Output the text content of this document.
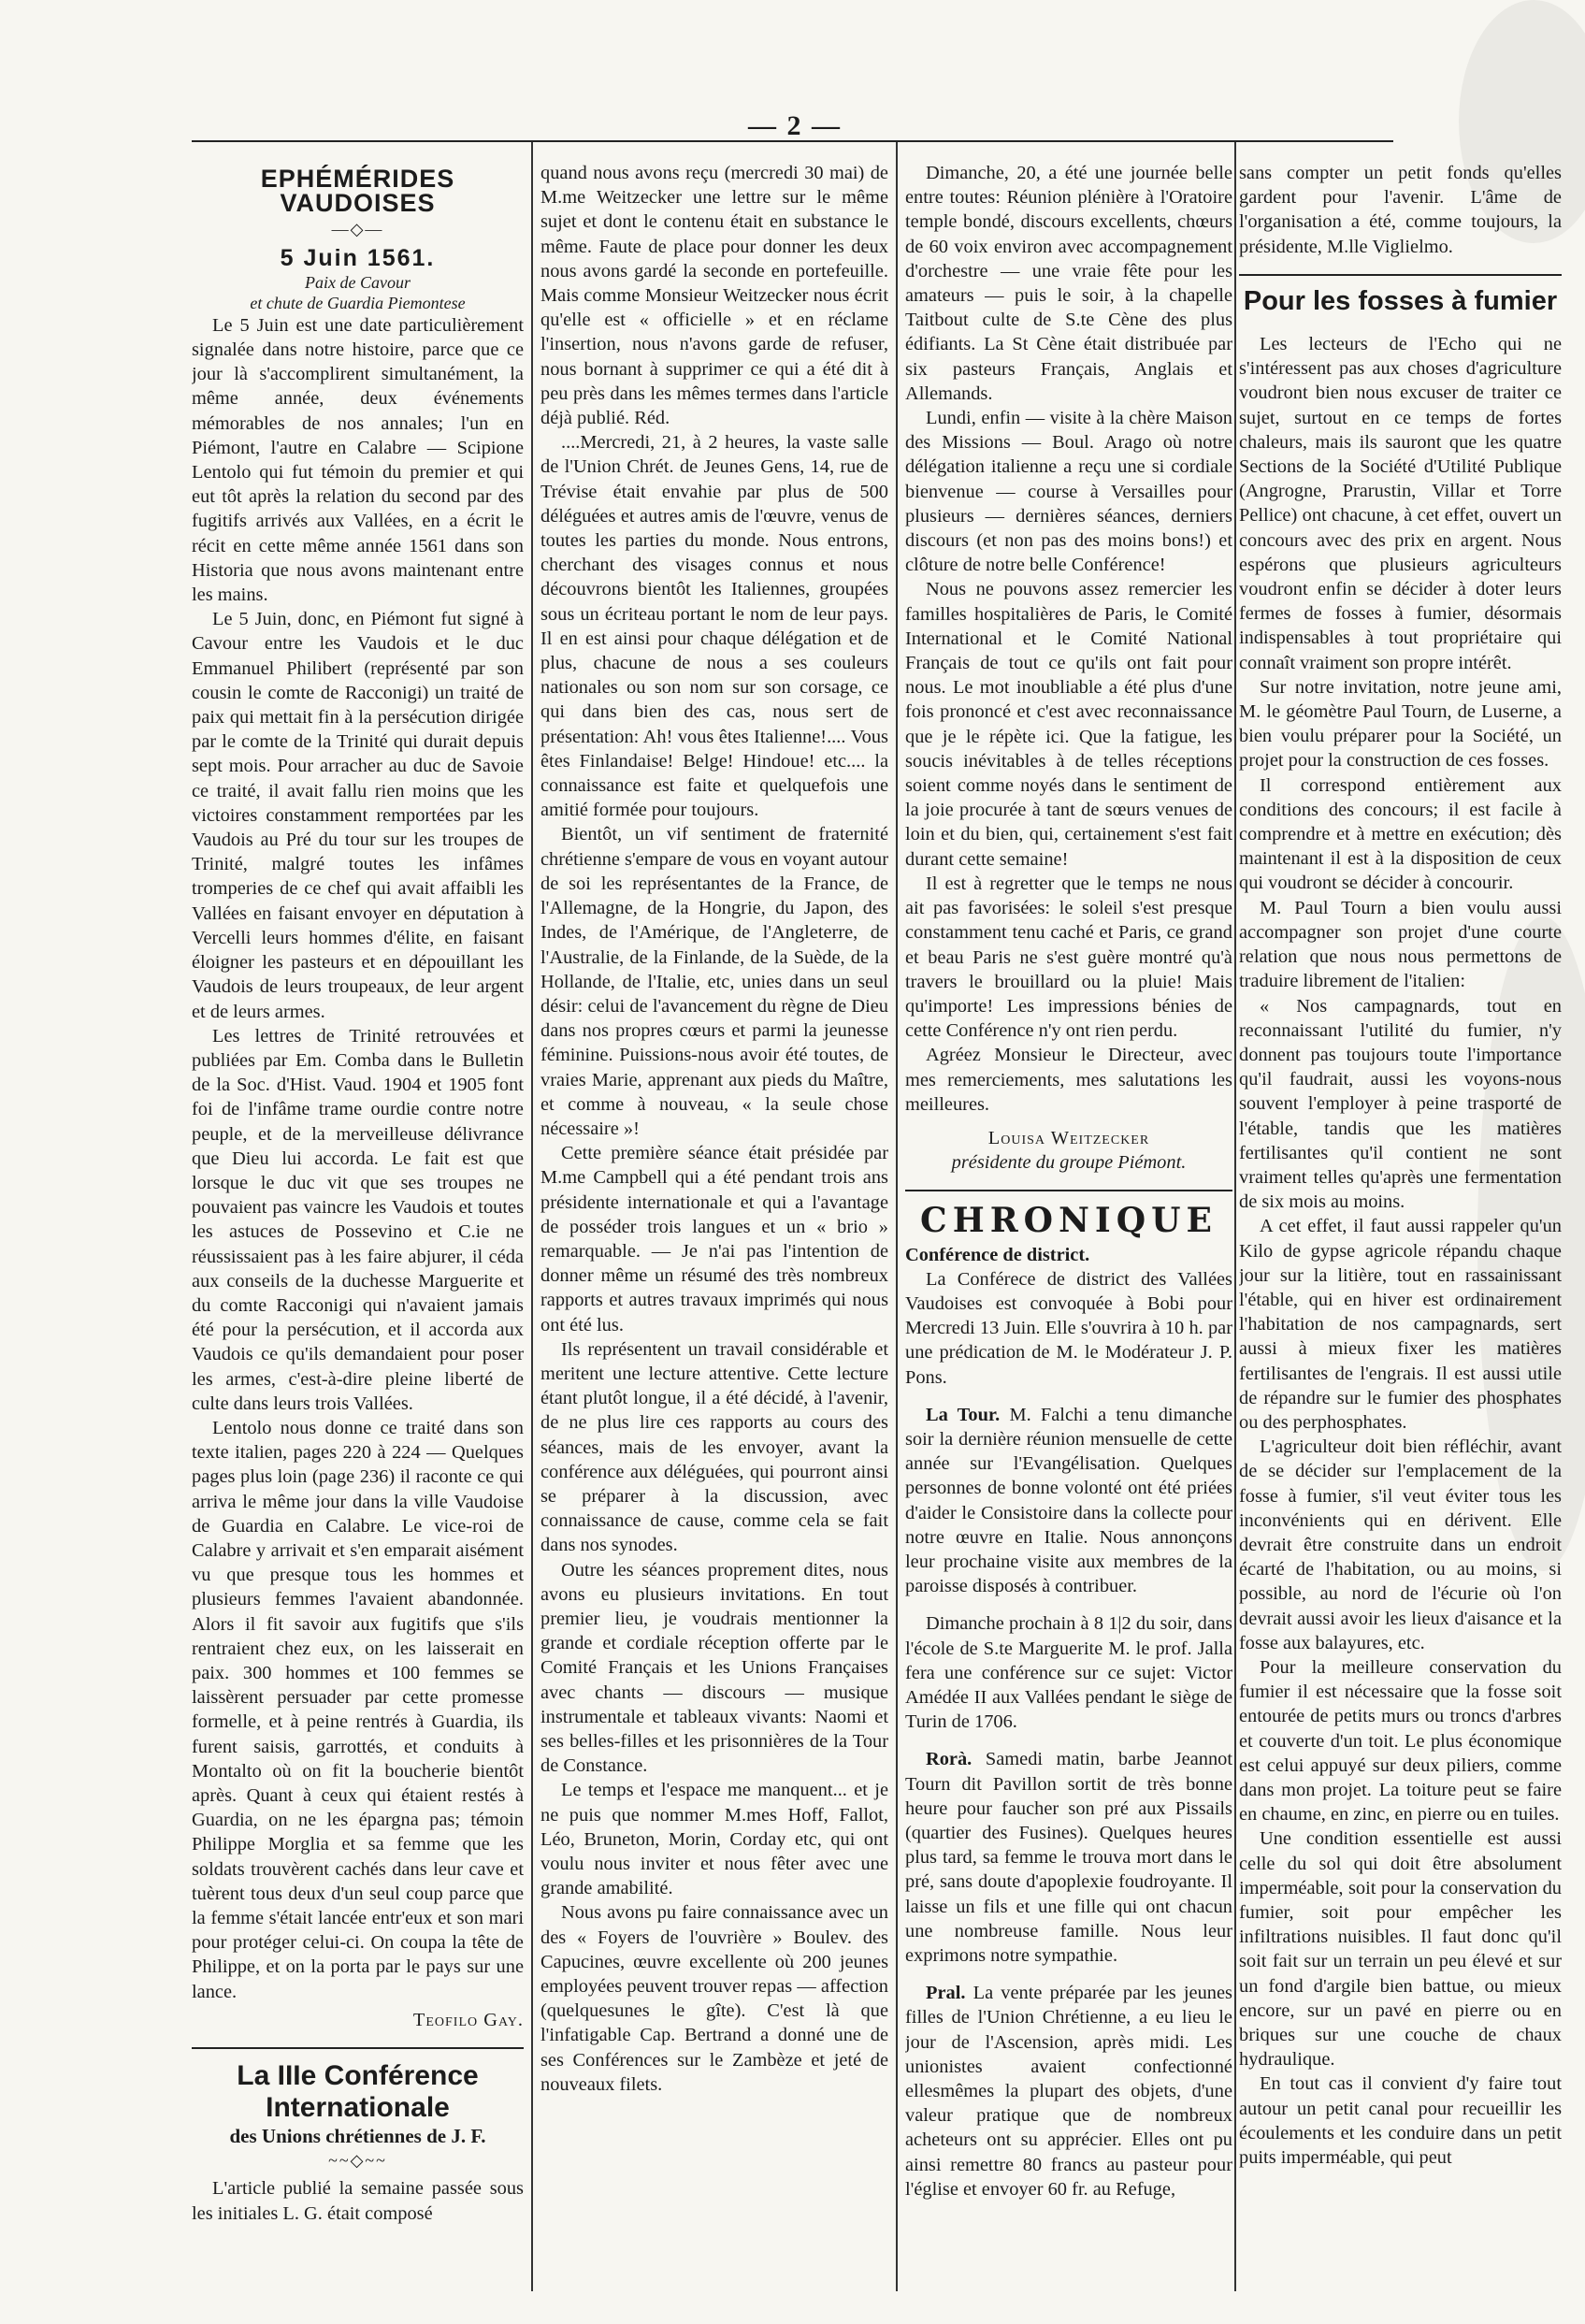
— 2 —
EPHÉMÉRIDES VAUDOISES
—◇—
5 Juin 1561.
Paix de Cavour
et chute de Guardia Piemontese

Le 5 Juin est une date particulièrement signalée dans notre histoire, parce que ce jour là s'accomplirent simultanément, la même année, deux événements mémorables de nos annales; l'un en Piémont, l'autre en Calabre — Scipione Lentolo qui fut témoin du premier et qui eut tôt après la relation du second par des fugitifs arrivés aux Vallées, en a écrit le récit en cette même année 1561 dans son Historia que nous avons maintenant entre les mains.

Le 5 Juin, donc, en Piémont fut signé à Cavour entre les Vaudois et le duc Emmanuel Philibert (représenté par son cousin le comte de Racconigi) un traité de paix qui mettait fin à la persécution dirigée par le comte de la Trinité qui durait depuis sept mois. Pour arracher au duc de Savoie ce traité, il avait fallu rien moins que les victoires constamment remportées par les Vaudois au Pré du tour sur les troupes de Trinité, malgré toutes les infâmes tromperies de ce chef qui avait affaibli les Vallées en faisant envoyer en députation à Vercelli leurs hommes d'élite, en faisant éloigner les pasteurs et en dépouillant les Vaudois de leurs troupeaux, de leur argent et de leurs armes.

Les lettres de Trinité retrouvées et publiées par Em. Comba dans le Bulletin de la Soc. d'Hist. Vaud. 1904 et 1905 font foi de l'infâme trame ourdie contre notre peuple, et de la merveilleuse délivrance que Dieu lui accorda. Le fait est que lorsque le duc vit que ses troupes ne pouvaient pas vaincre les Vaudois et toutes les astuces de Possevino et C.ie ne réussissaient pas à les faire abjurer, il céda aux conseils de la duchesse Marguerite et du comte Racconigi qui n'avaient jamais été pour la persécution, et il accorda aux Vaudois ce qu'ils demandaient pour poser les armes, c'est-à-dire pleine liberté de culte dans leurs trois Vallées.

Lentolo nous donne ce traité dans son texte italien, pages 220 à 224 — Quelques pages plus loin (page 236) il raconte ce qui arriva le même jour dans la ville Vaudoise de Guardia en Calabre. Le vice-roi de Calabre y arrivait et s'en emparait aisément vu que presque tous les hommes et plusieurs femmes l'avaient abandonnée. Alors il fit savoir aux fugitifs que s'ils rentraient chez eux, on les laisserait en paix. 300 hommes et 100 femmes se laissèrent persuader par cette promesse formelle, et à peine rentrés à Guardia, ils furent saisis, garrottés, et conduits à Montalto où on fit la boucherie bientôt après. Quant à ceux qui étaient restés à Guardia, on ne les épargna pas; témoin Philippe Morglia et sa femme que les soldats trouvèrent cachés dans leur cave et tuèrent tous deux d'un seul coup parce que la femme s'était lancée entr'eux et son mari pour protéger celui-ci. On coupa la tête de Philippe, et on la porta par le pays sur une lance.

Teofilo Gay.
La IIIe Conférence Internationale
des Unions chrétiennes de J. F.
~~◇~~

L'article publié la semaine passée sous les initiales L. G. était composé

quand nous avons reçu (mercredi 30 mai) de M.me Weitzecker une lettre sur le même sujet et dont le contenu était en substance le même. Faute de place pour donner les deux nous avons gardé la seconde en portefeuille. Mais comme Monsieur Weitzecker nous écrit qu'elle est « officielle » et en réclame l'insertion, nous n'avons garde de refuser, nous bornant à supprimer ce qui a été dit à peu près dans les mêmes termes dans l'article déjà publié. Réd.

....Mercredi, 21, à 2 heures, la vaste salle de l'Union Chrét. de Jeunes Gens, 14, rue de Trévise était envahie par plus de 500 déléguées et autres amis de l'œuvre, venus de toutes les parties du monde. Nous entrons, cherchant des visages connus et nous découvrons bientôt les Italiennes, groupées sous un écriteau portant le nom de leur pays. Il en est ainsi pour chaque délégation et de plus, chacune de nous a ses couleurs nationales ou son nom sur son corsage, ce qui dans bien des cas, nous sert de présentation: Ah! vous êtes Italienne!.... Vous êtes Finlandaise! Belge! Hindoue! etc.... la connaissance est faite et quelquefois une amitié formée pour toujours.

Bientôt, un vif sentiment de fraternité chrétienne s'empare de vous en voyant autour de soi les représentantes de la France, de l'Allemagne, de la Hongrie, du Japon, des Indes, de l'Amérique, de l'Angleterre, de l'Australie, de la Finlande, de la Suède, de la Hollande, de l'Italie, etc, unies dans un seul désir: celui de l'avancement du règne de Dieu dans nos propres cœurs et parmi la jeunesse féminine. Puissions-nous avoir été toutes, de vraies Marie, apprenant aux pieds du Maître, et comme à nouveau, « la seule chose nécessaire »!

Cette première séance était présidée par M.me Campbell qui a été pendant trois ans présidente internationale et qui a l'avantage de posséder trois langues et un « brio » remarquable. — Je n'ai pas l'intention de donner même un résumé des très nombreux rapports et autres travaux imprimés qui nous ont été lus.

Ils représentent un travail considérable et meritent une lecture attentive. Cette lecture étant plutôt longue, il a été décidé, à l'avenir, de ne plus lire ces rapports au cours des séances, mais de les envoyer, avant la conférence aux déléguées, qui pourront ainsi se préparer à la discussion, avec connaissance de cause, comme cela se fait dans nos synodes.

Outre les séances proprement dites, nous avons eu plusieurs invitations. En tout premier lieu, je voudrais mentionner la grande et cordiale réception offerte par le Comité Français et les Unions Françaises avec chants — discours — musique instrumentale et tableaux vivants: Naomi et ses belles-filles et les prisonnières de la Tour de Constance.

Le temps et l'espace me manquent... et je ne puis que nommer M.mes Hoff, Fallot, Léo, Bruneton, Morin, Corday etc, qui ont voulu nous inviter et nous fêter avec une grande amabilité.

Nous avons pu faire connaissance avec un des « Foyers de l'ouvrière » Boulev. des Capucines, œuvre excellente où 200 jeunes employées peuvent trouver repas — affection (quelquesunes le gîte). C'est là que l'infatigable Cap. Bertrand a donné une de ses Conférences sur le Zambèze et jeté de nouveaux filets.

Dimanche, 20, a été une journée belle entre toutes: Réunion plénière à l'Oratoire temple bondé, discours excellents, chœurs de 60 voix environ avec accompagnement d'orchestre — une vraie fête pour les amateurs — puis le soir, à la chapelle Taitbout culte de S.te Cène des plus édifiants. La St Cène était distribuée par six pasteurs Français, Anglais et Allemands.

Lundi, enfin — visite à la chère Maison des Missions — Boul. Arago où notre délégation italienne a reçu une si cordiale bienvenue — course à Versailles pour plusieurs — dernières séances, derniers discours (et non pas des moins bons!) et clôture de notre belle Conférence!

Nous ne pouvons assez remercier les familles hospitalières de Paris, le Comité International et le Comité National Français de tout ce qu'ils ont fait pour nous. Le mot inoubliable a été plus d'une fois prononcé et c'est avec reconnaissance que je le répète ici. Que la fatigue, les soucis inévitables à de telles réceptions soient comme noyés dans le sentiment de la joie procurée à tant de sœurs venues de loin et du bien, qui, certainement s'est fait durant cette semaine!

Il est à regretter que le temps ne nous ait pas favorisées: le soleil s'est presque constamment tenu caché et Paris, ce grand et beau Paris ne s'est guère montré qu'à travers le brouillard ou la pluie! Mais qu'importe! Les impressions bénies de cette Conférence n'y ont rien perdu.

Agréez Monsieur le Directeur, avec mes remerciements, mes salutations les meilleures.

Louisa Weitzecker
présidente du groupe Piémont.
CHRONIQUE
Conférence de district.

La Conférece de district des Vallées Vaudoises est convoquée à Bobi pour Mercredi 13 Juin. Elle s'ouvrira à 10 h. par une prédication de M. le Modérateur J. P. Pons.

La Tour. M. Falchi a tenu dimanche soir la dernière réunion mensuelle de cette année sur l'Evangélisation. Quelques personnes de bonne volonté ont été priées d'aider le Consistoire dans la collecte pour notre œuvre en Italie. Nous annonçons leur prochaine visite aux membres de la paroisse disposés à contribuer.

Dimanche prochain à 8 1|2 du soir, dans l'école de S.te Marguerite M. le prof. Jalla fera une conférence sur ce sujet: Victor Amédée II aux Vallées pendant le siège de Turin de 1706.

Rorà. Samedi matin, barbe Jeannot Tourn dit Pavillon sortit de très bonne heure pour faucher son pré aux Pissails (quartier des Fusines). Quelques heures plus tard, sa femme le trouva mort dans le pré, sans doute d'apoplexie foudroyante. Il laisse un fils et une fille qui ont chacun une nombreuse famille. Nous leur exprimons notre sympathie.

Pral. La vente préparée par les jeunes filles de l'Union Chrétienne, a eu lieu le jour de l'Ascension, après midi. Les unionistes avaient confectionné ellesmêmes la plupart des objets, d'une valeur pratique que de nombreux acheteurs ont su apprécier. Elles ont pu ainsi remettre 80 francs au pasteur pour l'église et envoyer 60 fr. au Refuge,

sans compter un petit fonds qu'elles gardent pour l'avenir. L'âme de l'organisation a été, comme toujours, la présidente, M.lle Viglielmo.

Pour les fosses à fumier

Les lecteurs de l'Echo qui ne s'intéressent pas aux choses d'agriculture voudront bien nous excuser de traiter ce sujet, surtout en ce temps de fortes chaleurs, mais ils sauront que les quatre Sections de la Société d'Utilité Publique (Angrogne, Prarustin, Villar et Torre Pellice) ont chacune, à cet effet, ouvert un concours avec des prix en argent. Nous espérons que plusieurs agriculteurs voudront enfin se décider à doter leurs fermes de fosses à fumier, désormais indispensables à tout propriétaire qui connaît vraiment son propre intérêt.

Sur notre invitation, notre jeune ami, M. le géomètre Paul Tourn, de Luserne, a bien voulu préparer pour la Société, un projet pour la construction de ces fosses.

Il correspond entièrement aux conditions des concours; il est facile à comprendre et à mettre en exécution; dès maintenant il est à la disposition de ceux qui voudront se décider à concourir.

M. Paul Tourn a bien voulu aussi accompagner son projet d'une courte relation que nous nous permettons de traduire librement de l'italien:

« Nos campagnards, tout en reconnaissant l'utilité du fumier, n'y donnent pas toujours toute l'importance qu'il faudrait, aussi les voyons-nous souvent l'employer à peine trasporté de l'étable, tandis que les matières fertilisantes qu'il contient ne sont vraiment telles qu'après une fermentation de six mois au moins.

A cet effet, il faut aussi rappeler qu'un Kilo de gypse agricole répandu chaque jour sur la litière, tout en rassainissant l'étable, qui en hiver est ordinairement l'habitation de nos campagnards, sert aussi à mieux fixer les matières fertilisantes de l'engrais. Il est aussi utile de répandre sur le fumier des phosphates ou des perphosphates.

L'agriculteur doit bien réfléchir, avant de se décider sur l'emplacement de la fosse à fumier, s'il veut éviter tous les inconvénients qui en dérivent. Elle devrait être construite dans un endroit écarté de l'habitation, ou au moins, si possible, au nord de l'écurie où l'on devrait aussi avoir les lieux d'aisance et la fosse aux balayures, etc.

Pour la meilleure conservation du fumier il est nécessaire que la fosse soit entourée de petits murs ou troncs d'arbres et couverte d'un toit. Le plus économique est celui appuyé sur deux piliers, comme dans mon projet. La toiture peut se faire en chaume, en zinc, en pierre ou en tuiles.

Une condition essentielle est aussi celle du sol qui doit être absolument imperméable, soit pour la conservation du fumier, soit pour empêcher les infiltrations nuisibles. Il faut donc qu'il soit fait sur un terrain un peu élevé et sur un fond d'argile bien battue, ou mieux encore, sur un pavé en pierre ou en briques sur une couche de chaux hydraulique.

En tout cas il convient d'y faire tout autour un petit canal pour recueillir les écoulements et les conduire dans un petit puits imperméable, qui peut
